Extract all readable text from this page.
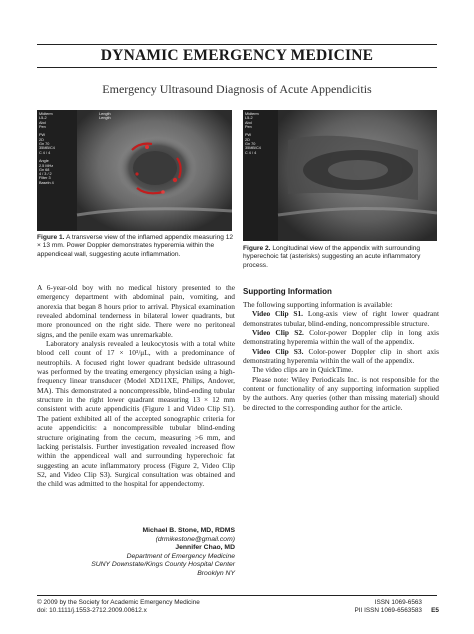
DYNAMIC EMERGENCY MEDICINE
Emergency Ultrasound Diagnosis of Acute Appendicitis
Midterm
L5-2
Abd
Pen

PW
2D
Gn 70
35MB/C4
C 4 / 4

Angle
2.5 MHz
Gn 68
4 / 3 / 2
Filter 3
Baseln 4
Length
Length
Figure 1. A transverse view of the inflamed appendix measuring 12 × 13 mm. Power Doppler demonstrates hyperemia within the appendiceal wall, suggesting acute inflammation.
Midterm
L5-2
Abd
Pen

PW
2D
Gn 70
35MB/C4
C 4 / 4
Figure 2. Longitudinal view of the appendix with surrounding hyperechoic fat (asterisks) suggesting an acute inflammatory process.

A 6-year-old boy with no medical history presented to the emergency department with abdominal pain, vomiting, and anorexia that began 8 hours prior to arrival. Physical examination revealed abdominal tenderness in bilateral lower quadrants, but more pronounced on the right side. There were no peritoneal signs, and the penile exam was unremarkable.

Laboratory analysis revealed a leukocytosis with a total white blood cell count of 17 × 10³/μL, with a predominance of neutrophils. A focused right lower quadrant bedside ultrasound was performed by the treating emergency physician using a high-frequency linear transducer (Model XD11XE, Philips, Andover, MA). This demonstrated a noncompressible, blind-ending tubular structure in the right lower quadrant measuring 13 × 12 mm consistent with acute appendicitis (Figure 1 and Video Clip S1). The patient exhibited all of the accepted sonographic criteria for acute appendicitis: a noncompressible tubular blind-ending structure originating from the cecum, measuring >6 mm, and lacking peristalsis. Further investigation revealed increased flow within the appendiceal wall and surrounding hyperechoic fat suggesting an acute inflammatory process (Figure 2, Video Clip S2, and Video Clip S3). Surgical consultation was obtained and the child was admitted to the hospital for appendectomy.

Michael B. Stone, MD, RDMS
(drmikestone@gmail.com)
Jennifer Chao, MD
Department of Emergency Medicine
SUNY Downstate/Kings County Hospital Center
Brooklyn NY
Supporting Information

The following supporting information is available:

Video Clip S1. Long-axis view of right lower quadrant demonstrates tubular, blind-ending, noncompressible structure.

Video Clip S2. Color-power Doppler clip in long axis demonstrating hyperemia within the wall of the appendix.

Video Clip S3. Color-power Doppler clip in short axis demonstrating hyperemia within the wall of the appendix.

The video clips are in QuickTime.

Please note: Wiley Periodicals Inc. is not responsible for the content or functionality of any supporting information supplied by the authors. Any queries (other than missing material) should be directed to the corresponding author for the article.

© 2009 by the Society for Academic Emergency Medicine
doi: 10.1111/j.1553-2712.2009.00612.x
ISSN 1069-6563
PII ISSN 1069-6563583	E5
